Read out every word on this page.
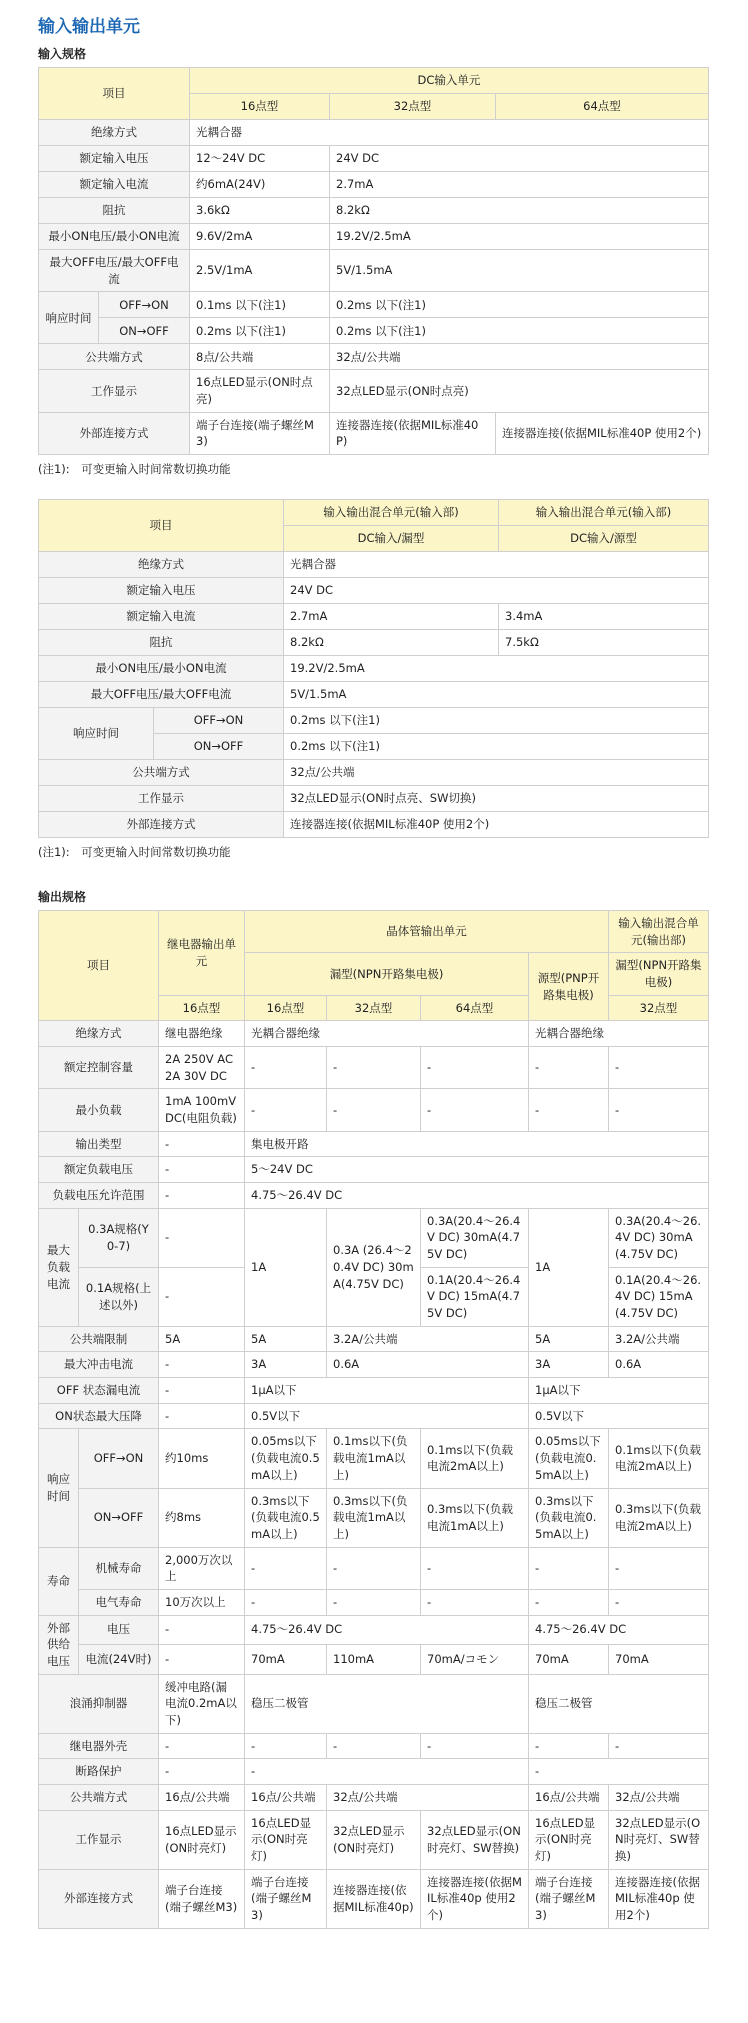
输入输出单元
输入规格
项目		DC输入单元		
		16点型	32点型	64点型
绝缘方式		光耦合器		
额定输入电压		12～24V DC	24V DC	
额定输入电流		约6mA(24V)	2.7mA	
阻抗		3.6kΩ	8.2kΩ	
最小ON电压/最小ON电流		9.6V/2mA	19.2V/2.5mA	
最大OFF电压/最大OFF电流		2.5V/1mA	5V/1.5mA	
响应时间	OFF→ON	0.1ms 以下(注1)	0.2ms 以下(注1)	
	ON→OFF	0.2ms 以下(注1)	0.2ms 以下(注1)	
公共端方式		8点/公共端	32点/公共端	
工作显示		16点LED显示(ON时点亮)	32点LED显示(ON时点亮)	
外部连接方式		端子台连接(端子螺丝M3)	连接器连接(依据MIL标准40P)	连接器连接(依据MIL标准40P 使用2个)
(注1):　可变更输入时间常数切换功能
项目		输入输出混合单元(输入部)	输入输出混合单元(输入部)
		DC输入/漏型	DC输入/源型
绝缘方式		光耦合器	
额定输入电压		24V DC	
额定输入电流		2.7mA	3.4mA
阻抗		8.2kΩ	7.5kΩ
最小ON电压/最小ON电流		19.2V/2.5mA	
最大OFF电压/最大OFF电流		5V/1.5mA	
响应时间	OFF→ON	0.2ms 以下(注1)	
	ON→OFF	0.2ms 以下(注1)	
公共端方式		32点/公共端	
工作显示		32点LED显示(ON时点亮、SW切换)	
外部连接方式		连接器连接(依据MIL标准40P 使用2个)	
(注1):　可变更输入时间常数切换功能
输出规格
项目		继电器输出单元	晶体管输出单元				输入输出混合单元(输出部)
			漏型(NPN开路集电极)			源型(PNP开路集电极)	漏型(NPN开路集电极)
		16点型	16点型	32点型	64点型		32点型
绝缘方式		继电器绝缘	光耦合器绝缘			光耦合器绝缘	
额定控制容量		2A 250V AC 2A 30V DC	-	-	-	-	-
最小负载		1mA 100mV DC(电阻负载)	-	-	-	-	-
输出类型		-	集电极开路				
额定负载电压		-	5～24V DC				
负载电压允许范围		-	4.75～26.4V DC				
最大负载电流	0.3A规格(Y0-7)	-	1A	0.3A (26.4～20.4V DC) 30mA(4.75V DC)	0.3A(20.4～26.4V DC) 30mA(4.75V DC)	1A	0.3A(20.4～26.4V DC) 30mA(4.75V DC)
	0.1A规格(上述以外)	-			0.1A(20.4～26.4V DC) 15mA(4.75V DC)		0.1A(20.4～26.4V DC) 15mA(4.75V DC)
公共端限制		5A	5A	3.2A/公共端		5A	3.2A/公共端
最大冲击电流		-	3A	0.6A		3A	0.6A
OFF 状态漏电流		-	1μA以下			1μA以下	
ON状态最大压降		-	0.5V以下			0.5V以下	
响应时间	OFF→ON	约10ms	0.05ms以下(负载电流0.5mA以上)	0.1ms以下(负载电流1mA以上)	0.1ms以下(负载电流2mA以上)	0.05ms以下(负载电流0.5mA以上)	0.1ms以下(负载电流2mA以上)
	ON→OFF	约8ms	0.3ms以下(负载电流0.5mA以上)	0.3ms以下(负载电流1mA以上)	0.3ms以下(负载电流1mA以上)	0.3ms以下(负载电流0.5mA以上)	0.3ms以下(负载电流2mA以上)
寿命	机械寿命	2,000万次以上	-	-	-	-	-
	电气寿命	10万次以上	-	-	-	-	-
外部供给电压	电压	-	4.75～26.4V DC			4.75～26.4V DC	
	电流(24V时)	-	70mA	110mA	70mA/コモン	70mA	70mA
浪涌抑制器		缓冲电路(漏电流0.2mA以下)	稳压二极管			稳压二极管	
继电器外壳		-	-	-	-	-	-
断路保护		-	-			-	
公共端方式		16点/公共端	16点/公共端	32点/公共端		16点/公共端	32点/公共端
工作显示		16点LED显示(ON时亮灯)	16点LED显示(ON时亮灯)	32点LED显示(ON时亮灯)	32点LED显示(ON时亮灯、SW替换)	16点LED显示(ON时亮灯)	32点LED显示(ON时亮灯、SW替换)
外部连接方式		端子台连接(端子螺丝M3)	端子台连接(端子螺丝M3)	连接器连接(依据MIL标准40p)	连接器连接(依据MIL标准40p 使用2个)	端子台连接(端子螺丝M3)	连接器连接(依据MIL标准40p 使用2个)
